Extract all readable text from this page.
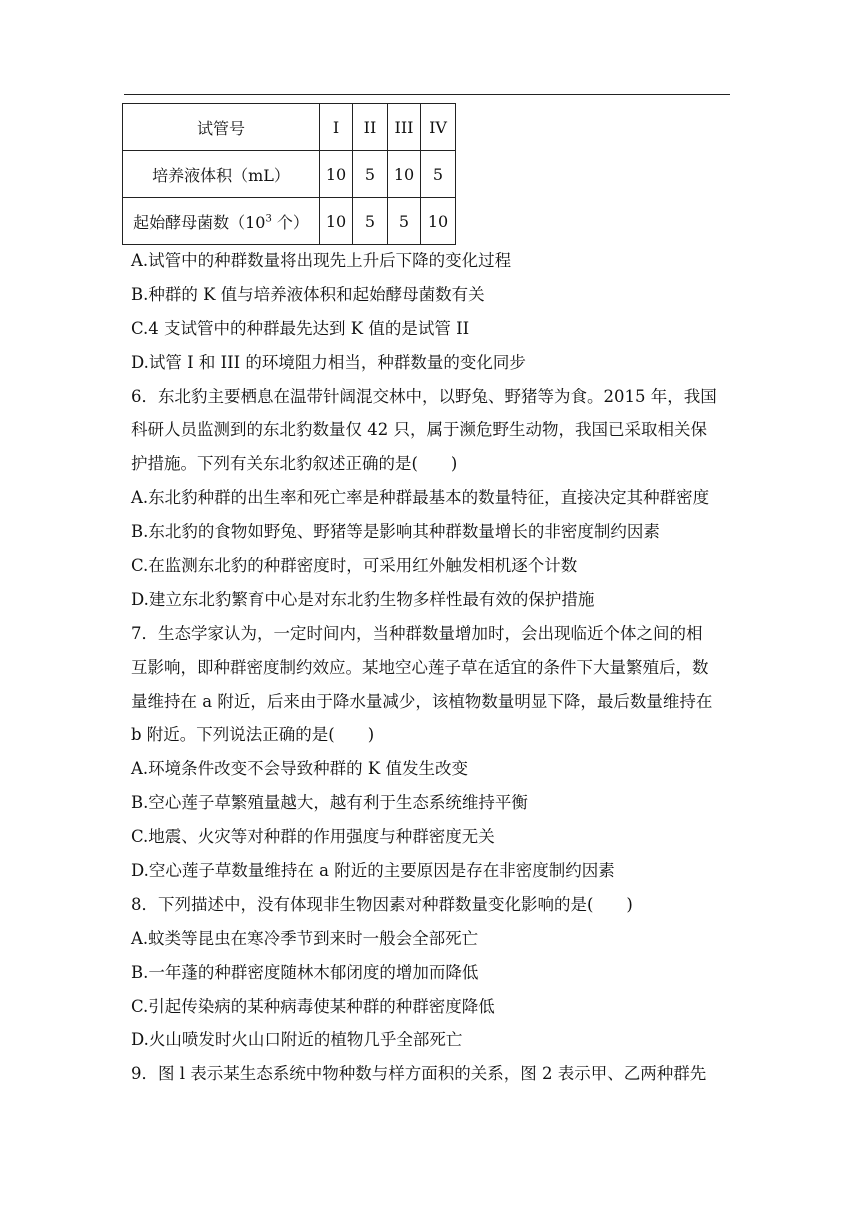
试管号	I	II	III	IV
培养液体积（mL）	10	5	10	5
起始酵母菌数（$10^3$ 个）	10	5	5	10
A.试管中的种群数量将出现先上升后下降的变化过程
B.种群的 K 值与培养液体积和起始酵母菌数有关
C.4 支试管中的种群最先达到 K 值的是试管 II
D.试管 I 和 III 的环境阻力相当，种群数量的变化同步
6．东北豹主要栖息在温带针阔混交林中，以野兔、野猪等为食。2015 年，我国
科研人员监测到的东北豹数量仅 42 只，属于濒危野生动物，我国已采取相关保
护措施。下列有关东北豹叙述正确的是(　　)
A.东北豹种群的出生率和死亡率是种群最基本的数量特征，直接决定其种群密度
B.东北豹的食物如野兔、野猪等是影响其种群数量增长的非密度制约因素
C.在监测东北豹的种群密度时，可采用红外触发相机逐个计数
D.建立东北豹繁育中心是对东北豹生物多样性最有效的保护措施
7．生态学家认为，一定时间内，当种群数量增加时，会出现临近个体之间的相
互影响，即种群密度制约效应。某地空心莲子草在适宜的条件下大量繁殖后，数
量维持在 a 附近，后来由于降水量减少，该植物数量明显下降，最后数量维持在
b 附近。下列说法正确的是(　　)
A.环境条件改变不会导致种群的 K 值发生改变
B.空心莲子草繁殖量越大，越有利于生态系统维持平衡
C.地震、火灾等对种群的作用强度与种群密度无关
D.空心莲子草数量维持在 a 附近的主要原因是存在非密度制约因素
8．下列描述中，没有体现非生物因素对种群数量变化影响的是(　　)
A.蚊类等昆虫在寒冷季节到来时一般会全部死亡
B.一年蓬的种群密度随林木郁闭度的增加而降低
C.引起传染病的某种病毒使某种群的种群密度降低
D.火山喷发时火山口附近的植物几乎全部死亡
9．图 l 表示某生态系统中物种数与样方面积的关系，图 2 表示甲、乙两种群先
